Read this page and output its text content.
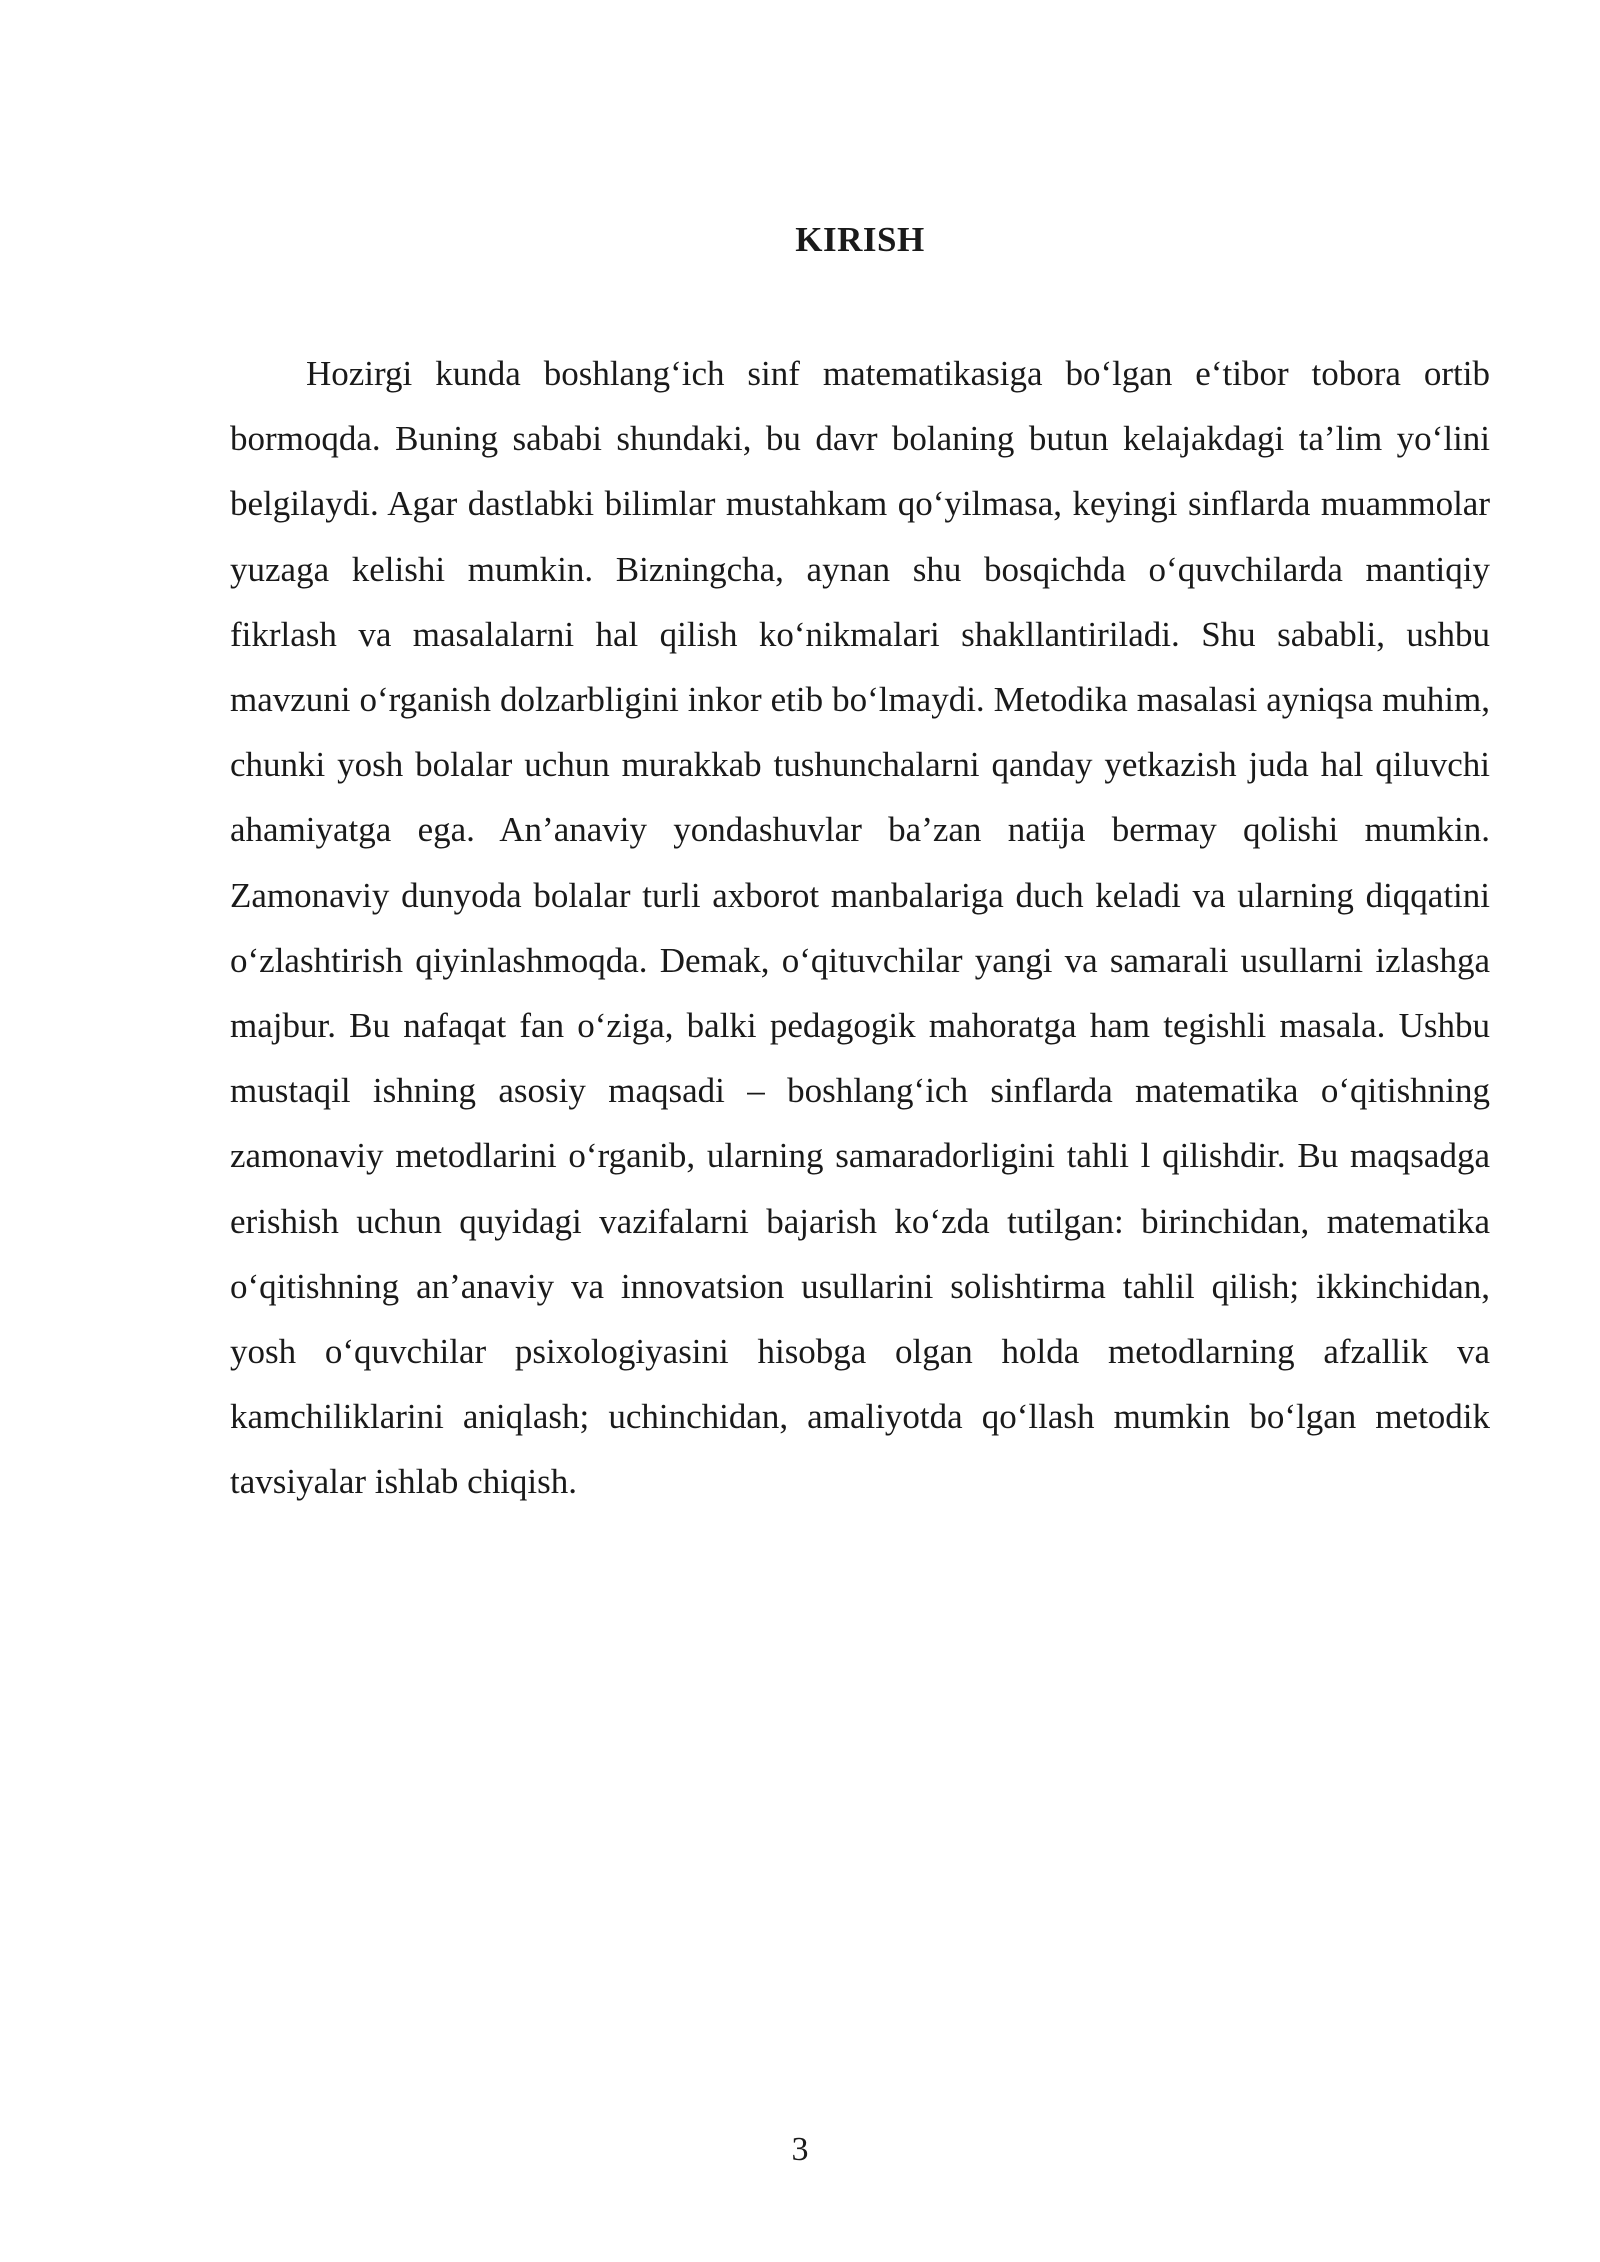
KIRISH

Hozirgi kunda boshlang‘ich sinf matematikasiga bo‘lgan e‘tibor tobora ortib bormoqda. Buning sababi shundaki, bu davr bolaning butun kelajakdagi ta’lim yo‘lini belgilaydi. Agar dastlabki bilimlar mustahkam qo‘yilmasa, keyingi sinflarda muammolar yuzaga kelishi mumkin. Bizningcha, aynan shu bosqichda o‘quvchilarda mantiqiy fikrlash va masalalarni hal qilish ko‘nikmalari shakllantiriladi. Shu sababli, ushbu mavzuni o‘rganish dolzarbligini inkor etib bo‘lmaydi. Metodika masalasi ayniqsa muhim, chunki yosh bolalar uchun murakkab tushunchalarni qanday yetkazish juda hal qiluvchi ahamiyatga ega. An’anaviy yondashuvlar ba’zan natija bermay qolishi mumkin. Zamonaviy dunyoda bolalar turli axborot manbalariga duch keladi va ularning diqqatini o‘zlashtirish qiyinlashmoqda. Demak, o‘qituvchilar yangi va samarali usullarni izlashga majbur. Bu nafaqat fan o‘ziga, balki pedagogik mahoratga ham tegishli masala. Ushbu mustaqil ishning asosiy maqsadi – boshlang‘ich sinflarda matematika o‘qitishning zamonaviy metodlarini o‘rganib, ularning samaradorligini tahli l qilishdir. Bu maqsadga erishish uchun quyidagi vazifalarni bajarish ko‘zda tutilgan: birinchidan, matematika o‘qitishning an’anaviy va innovatsion usullarini solishtirma tahlil qilish; ikkinchidan, yosh o‘quvchilar psixologiyasini hisobga olgan holda metodlarning afzallik va kamchiliklarini aniqlash; uchinchidan, amaliyotda qo‘llash mumkin bo‘lgan metodik tavsiyalar ishlab chiqish.

3
